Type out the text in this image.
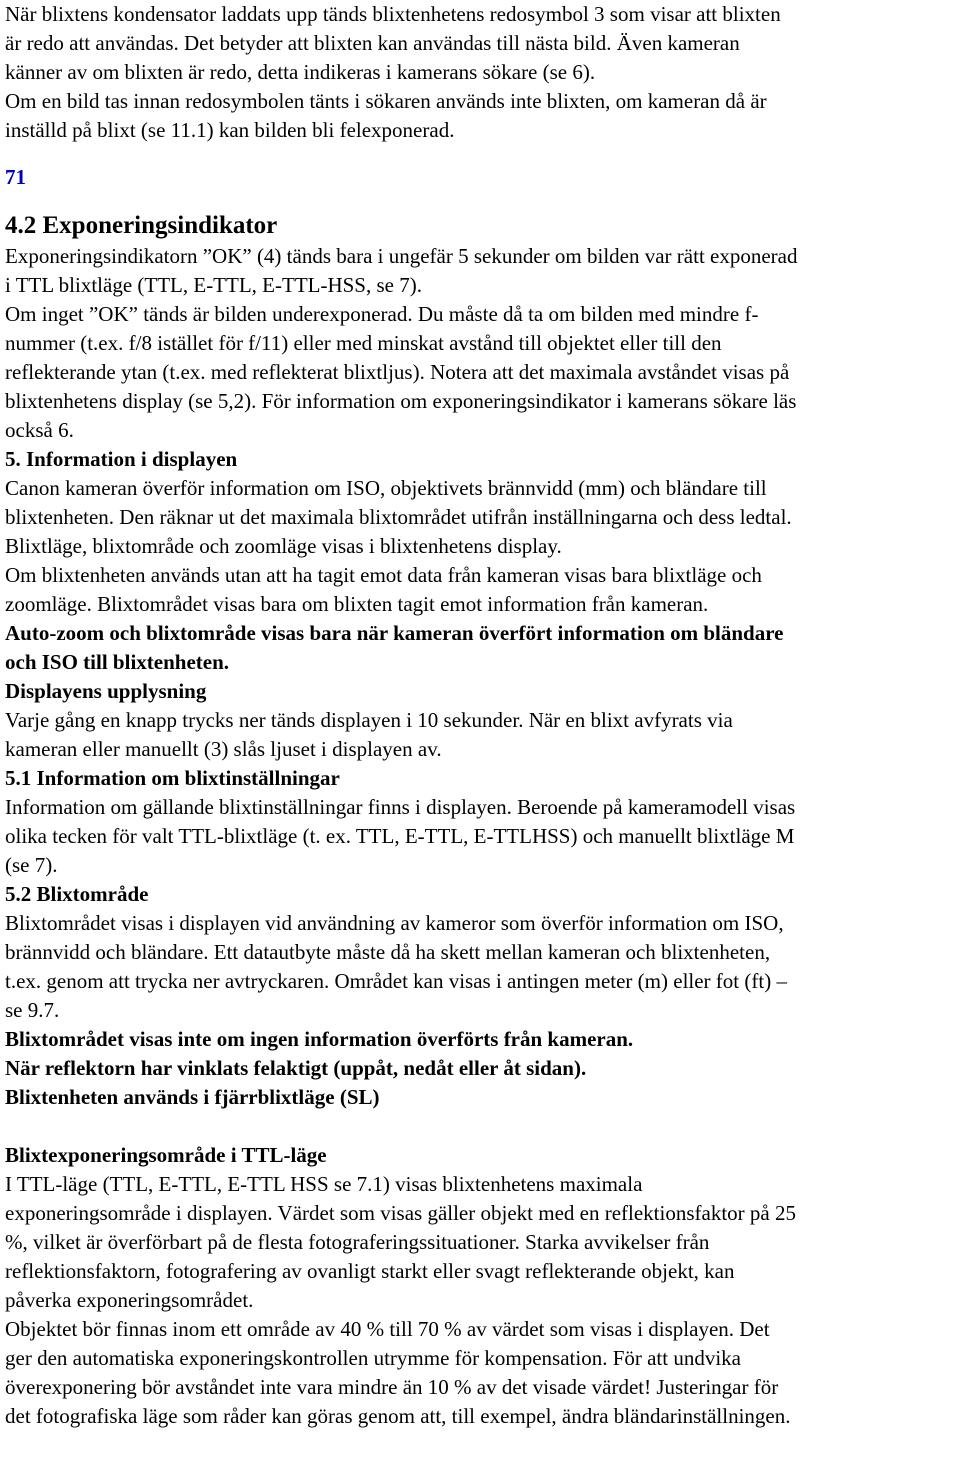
När blixtens kondensator laddats upp tänds blixtenhetens redosymbol 3 som visar att blixten
är redo att användas. Det betyder att blixten kan användas till nästa bild. Även kameran
känner av om blixten är redo, detta indikeras i kamerans sökare (se 6).
Om en bild tas innan redosymbolen tänts i sökaren används inte blixten, om kameran då är
inställd på blixt (se 11.1) kan bilden bli felexponerad.
71
4.2 Exponeringsindikator
Exponeringsindikatorn ”OK” (4) tänds bara i ungefär 5 sekunder om bilden var rätt exponerad
i TTL blixtläge (TTL, E-TTL, E-TTL-HSS, se 7).
Om inget ”OK” tänds är bilden underexponerad. Du måste då ta om bilden med mindre f-
nummer (t.ex. f/8 istället för f/11) eller med minskat avstånd till objektet eller till den
reflekterande ytan (t.ex. med reflekterat blixtljus). Notera att det maximala avståndet visas på
blixtenhetens display (se 5,2). För information om exponeringsindikator i kamerans sökare läs
också 6.
5. Information i displayen
Canon kameran överför information om ISO, objektivets brännvidd (mm) och bländare till
blixtenheten. Den räknar ut det maximala blixtområdet utifrån inställningarna och dess ledtal.
Blixtläge, blixtområde och zoomläge visas i blixtenhetens display.
Om blixtenheten används utan att ha tagit emot data från kameran visas bara blixtläge och
zoomläge. Blixtområdet visas bara om blixten tagit emot information från kameran.
Auto-zoom och blixtområde visas bara när kameran överfört information om bländare
och ISO till blixtenheten.
Displayens upplysning
Varje gång en knapp trycks ner tänds displayen i 10 sekunder. När en blixt avfyrats via
kameran eller manuellt (3) slås ljuset i displayen av.
5.1 Information om blixtinställningar
Information om gällande blixtinställningar finns i displayen. Beroende på kameramodell visas
olika tecken för valt TTL-blixtläge (t. ex. TTL, E-TTL, E-TTLHSS) och manuellt blixtläge M
(se 7).
5.2 Blixtområde
Blixtområdet visas i displayen vid användning av kameror som överför information om ISO,
brännvidd och bländare. Ett datautbyte måste då ha skett mellan kameran och blixtenheten,
t.ex. genom att trycka ner avtryckaren. Området kan visas i antingen meter (m) eller fot (ft) –
se 9.7.
Blixtområdet visas inte om ingen information överförts från kameran.
När reflektorn har vinklats felaktigt (uppåt, nedåt eller åt sidan).
Blixtenheten används i fjärrblixtläge (SL)
Blixtexponeringsområde i TTL-läge
I TTL-läge (TTL, E-TTL, E-TTL HSS se 7.1) visas blixtenhetens maximala
exponeringsområde i displayen. Värdet som visas gäller objekt med en reflektionsfaktor på 25
%, vilket är överförbart på de flesta fotograferingssituationer. Starka avvikelser från
reflektionsfaktorn, fotografering av ovanligt starkt eller svagt reflekterande objekt, kan
påverka exponeringsområdet.
Objektet bör finnas inom ett område av 40 % till 70 % av värdet som visas i displayen. Det
ger den automatiska exponeringskontrollen utrymme för kompensation. För att undvika
överexponering bör avståndet inte vara mindre än 10 % av det visade värdet! Justeringar för
det fotografiska läge som råder kan göras genom att, till exempel, ändra bländarinställningen.
